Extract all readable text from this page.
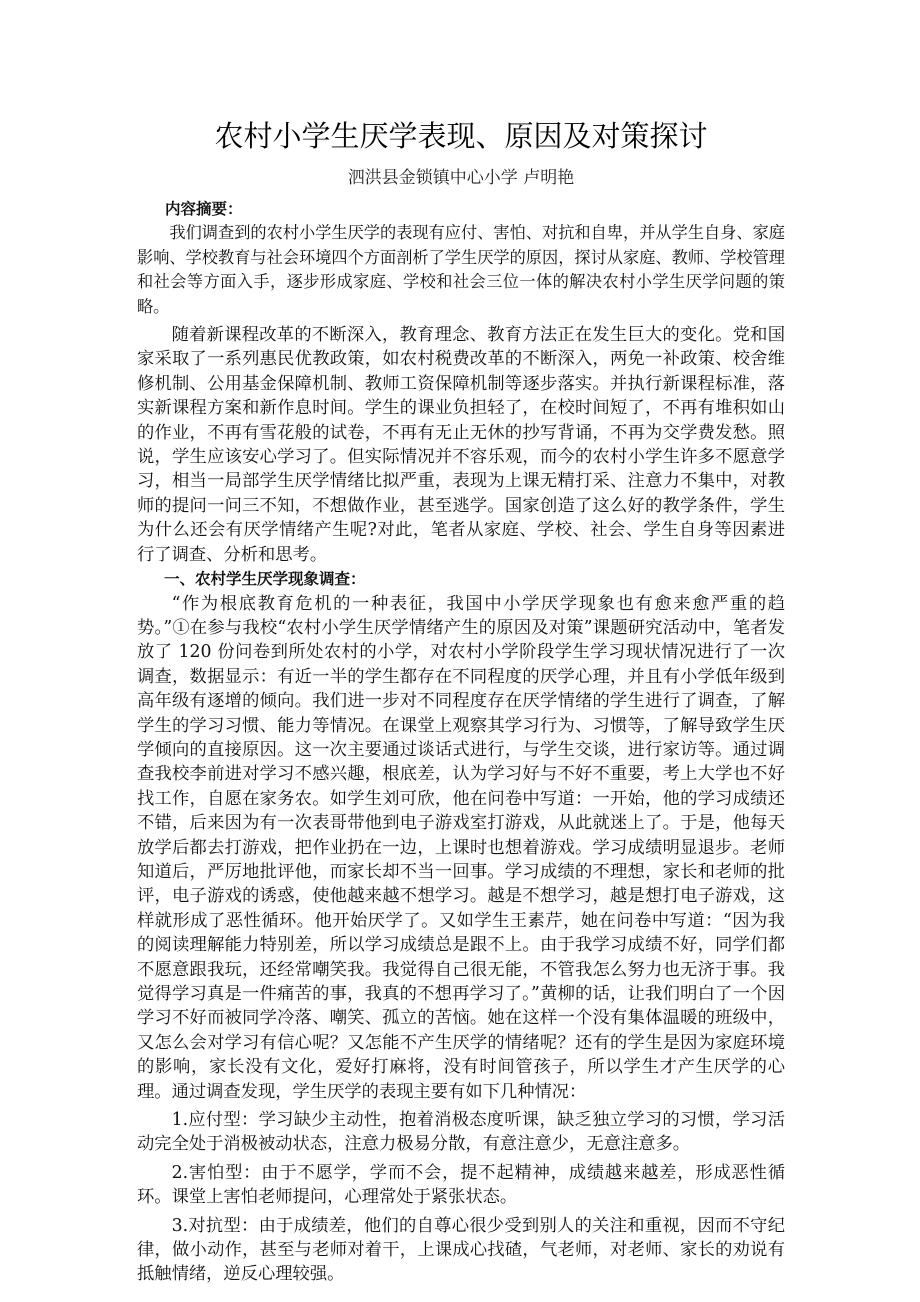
农村小学生厌学表现、原因及对策探讨
泗洪县金锁镇中心小学 卢明艳

内容摘要：

我们调查到的农村小学生厌学的表现有应付、害怕、对抗和自卑，并从学生自身、家庭影响、学校教育与社会环境四个方面剖析了学生厌学的原因，探讨从家庭、教师、学校管理和社会等方面入手，逐步形成家庭、学校和社会三位一体的解决农村小学生厌学问题的策略。

随着新课程改革的不断深入，教育理念、教育方法正在发生巨大的变化。党和国家采取了一系列惠民优教政策，如农村税费改革的不断深入，两免一补政策、校舍维修机制、公用基金保障机制、教师工资保障机制等逐步落实。并执行新课程标准，落实新课程方案和新作息时间。学生的课业负担轻了，在校时间短了，不再有堆积如山的作业，不再有雪花般的试卷，不再有无止无休的抄写背诵，不再为交学费发愁。照说，学生应该安心学习了。但实际情况并不容乐观，而今的农村小学生许多不愿意学习，相当一局部学生厌学情绪比拟严重，表现为上课无精打采、注意力不集中，对教师的提问一问三不知，不想做作业，甚至逃学。国家创造了这么好的教学条件，学生为什么还会有厌学情绪产生呢?对此，笔者从家庭、学校、社会、学生自身等因素进行了调查、分析和思考。

一、农村学生厌学现象调查：

“作为根底教育危机的一种表征，我国中小学厌学现象也有愈来愈严重的趋势。”①在参与我校“农村小学生厌学情绪产生的原因及对策”课题研究活动中，笔者发放了 120 份问卷到所处农村的小学，对农村小学阶段学生学习现状情况进行了一次调查，数据显示：有近一半的学生都存在不同程度的厌学心理，并且有小学低年级到高年级有逐增的倾向。我们进一步对不同程度存在厌学情绪的学生进行了调查，了解学生的学习习惯、能力等情况。在课堂上观察其学习行为、习惯等，了解导致学生厌学倾向的直接原因。这一次主要通过谈话式进行，与学生交谈，进行家访等。通过调查我校李前进对学习不感兴趣，根底差，认为学习好与不好不重要，考上大学也不好找工作，自愿在家务农。如学生刘可欣，他在问卷中写道：一开始，他的学习成绩还不错，后来因为有一次表哥带他到电子游戏室打游戏，从此就迷上了。于是，他每天放学后都去打游戏，把作业扔在一边，上课时也想着游戏。学习成绩明显退步。老师知道后，严厉地批评他，而家长却不当一回事。学习成绩的不理想，家长和老师的批评，电子游戏的诱惑，使他越来越不想学习。越是不想学习，越是想打电子游戏，这样就形成了恶性循环。他开始厌学了。又如学生王素芹，她在问卷中写道：“因为我的阅读理解能力特别差，所以学习成绩总是跟不上。由于我学习成绩不好，同学们都不愿意跟我玩，还经常嘲笑我。我觉得自己很无能，不管我怎么努力也无济于事。我觉得学习真是一件痛苦的事，我真的不想再学习了。”黄柳的话，让我们明白了一个因学习不好而被同学冷落、嘲笑、孤立的苦恼。她在这样一个没有集体温暖的班级中，又怎么会对学习有信心呢？又怎能不产生厌学的情绪呢？还有的学生是因为家庭环境的影响，家长没有文化，爱好打麻将，没有时间管孩子，所以学生才产生厌学的心理。通过调查发现，学生厌学的表现主要有如下几种情况：

1.应付型：学习缺少主动性，抱着消极态度听课，缺乏独立学习的习惯，学习活动完全处于消极被动状态，注意力极易分散，有意注意少，无意注意多。

2.害怕型：由于不愿学，学而不会，提不起精神，成绩越来越差，形成恶性循环。课堂上害怕老师提问，心理常处于紧张状态。

3.对抗型：由于成绩差，他们的自尊心很少受到别人的关注和重视，因而不守纪律，做小动作，甚至与老师对着干，上课成心找碴，气老师，对老师、家长的劝说有抵触情绪，逆反心理较强。
